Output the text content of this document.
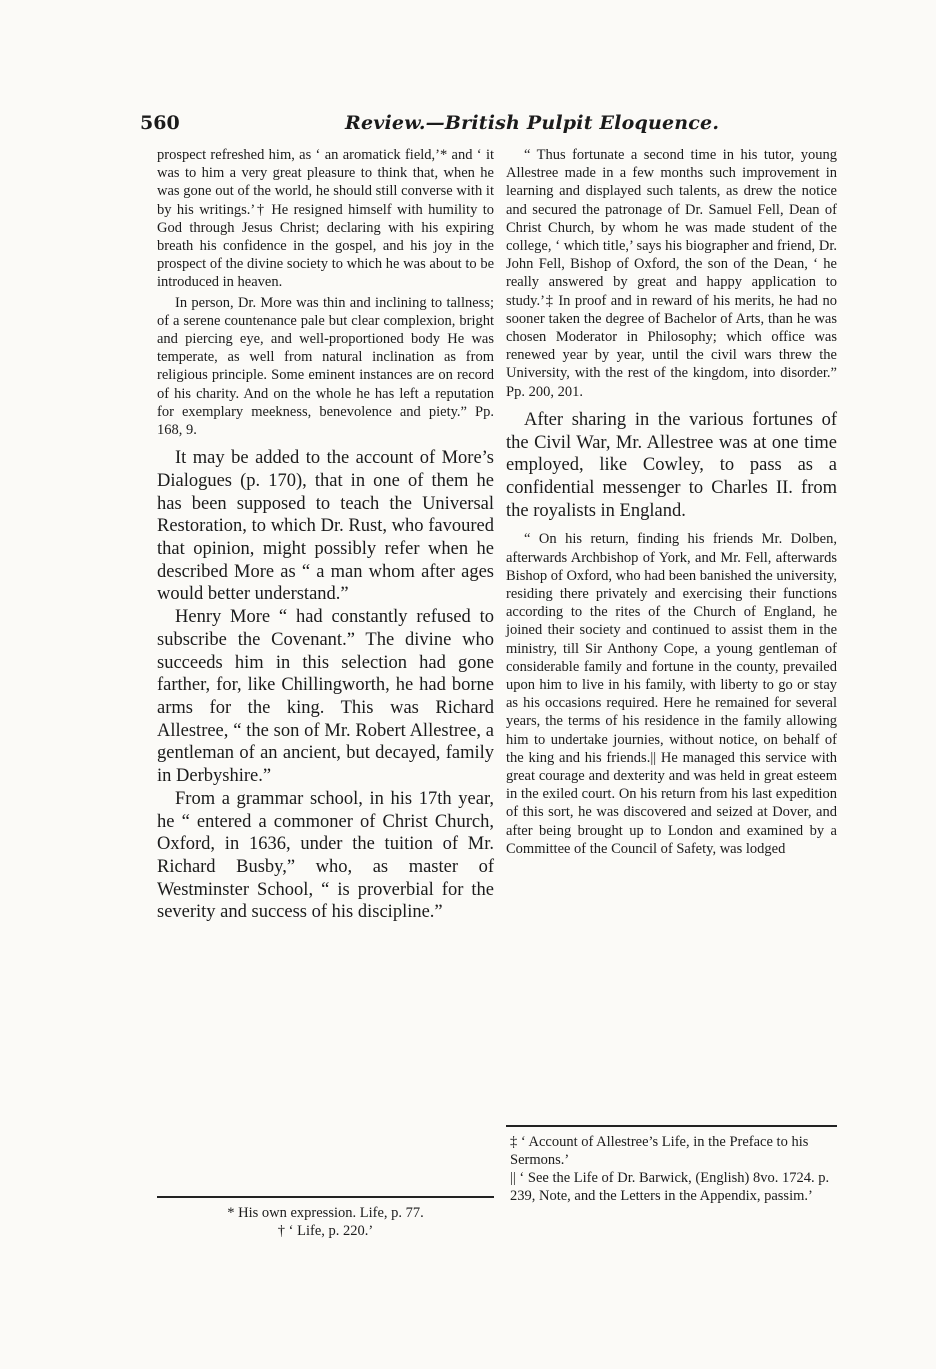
560	Review.—British Pulpit Eloquence.

prospect refreshed him, as ‘ an aromatick field,’* and ‘ it was to him a very great pleasure to think that, when he was gone out of the world, he should still converse with it by his writings.’† He resigned himself with humility to God through Jesus Christ; declaring with his expiring breath his confidence in the gospel, and his joy in the prospect of the divine society to which he was about to be introduced in heaven.

In person, Dr. More was thin and inclining to tallness; of a serene countenance pale but clear complexion, bright and piercing eye, and well-proportioned body He was temperate, as well from natural inclination as from religious principle. Some eminent instances are on record of his charity. And on the whole he has left a reputation for exemplary meekness, benevolence and piety.” Pp. 168, 9.

It may be added to the account of More’s Dialogues (p. 170), that in one of them he has been supposed to teach the Universal Restoration, to which Dr. Rust, who favoured that opinion, might possibly refer when he described More as “ a man whom after ages would better understand.”

Henry More “ had constantly refused to subscribe the Covenant.” The divine who succeeds him in this selection had gone farther, for, like Chillingworth, he had borne arms for the king. This was Richard Allestree, “ the son of Mr. Robert Allestree, a gentleman of an ancient, but decayed, family in Derbyshire.”

From a grammar school, in his 17th year, he “ entered a commoner of Christ Church, Oxford, in 1636, under the tuition of Mr. Richard Busby,” who, as master of Westminster School, “ is proverbial for the severity and success of his discipline.”

“ Thus fortunate a second time in his tutor, young Allestree made in a few months such improvement in learning and displayed such talents, as drew the notice and secured the patronage of Dr. Samuel Fell, Dean of Christ Church, by whom he was made student of the college, ‘ which title,’ says his biographer and friend, Dr. John Fell, Bishop of Oxford, the son of the Dean, ‘ he really answered by great and happy application to study.’‡ In proof and in reward of his merits, he had no sooner taken the degree of Bachelor of Arts, than he was chosen Moderator in Philosophy; which office was renewed year by year, until the civil wars threw the University, with the rest of the kingdom, into disorder.” Pp. 200, 201.

After sharing in the various fortunes of the Civil War, Mr. Allestree was at one time employed, like Cowley, to pass as a confidential messenger to Charles II. from the royalists in England.

“ On his return, finding his friends Mr. Dolben, afterwards Archbishop of York, and Mr. Fell, afterwards Bishop of Oxford, who had been banished the university, residing there privately and exercising their functions according to the rites of the Church of England, he joined their society and continued to assist them in the ministry, till Sir Anthony Cope, a young gentleman of considerable family and fortune in the county, prevailed upon him to live in his family, with liberty to go or stay as his occasions required. Here he remained for several years, the terms of his residence in the family allowing him to undertake journies, without notice, on behalf of the king and his friends.|| He managed this service with great courage and dexterity and was held in great esteem in the exiled court. On his return from his last expedition of this sort, he was discovered and seized at Dover, and after being brought up to London and examined by a Committee of the Council of Safety, was lodged

* His own expression. Life, p. 77.

† ‘ Life, p. 220.’

‡ ‘ Account of Allestree’s Life, in the Preface to his Sermons.’

|| ‘ See the Life of Dr. Barwick, (English) 8vo. 1724. p. 239, Note, and the Letters in the Appendix, passim.’
